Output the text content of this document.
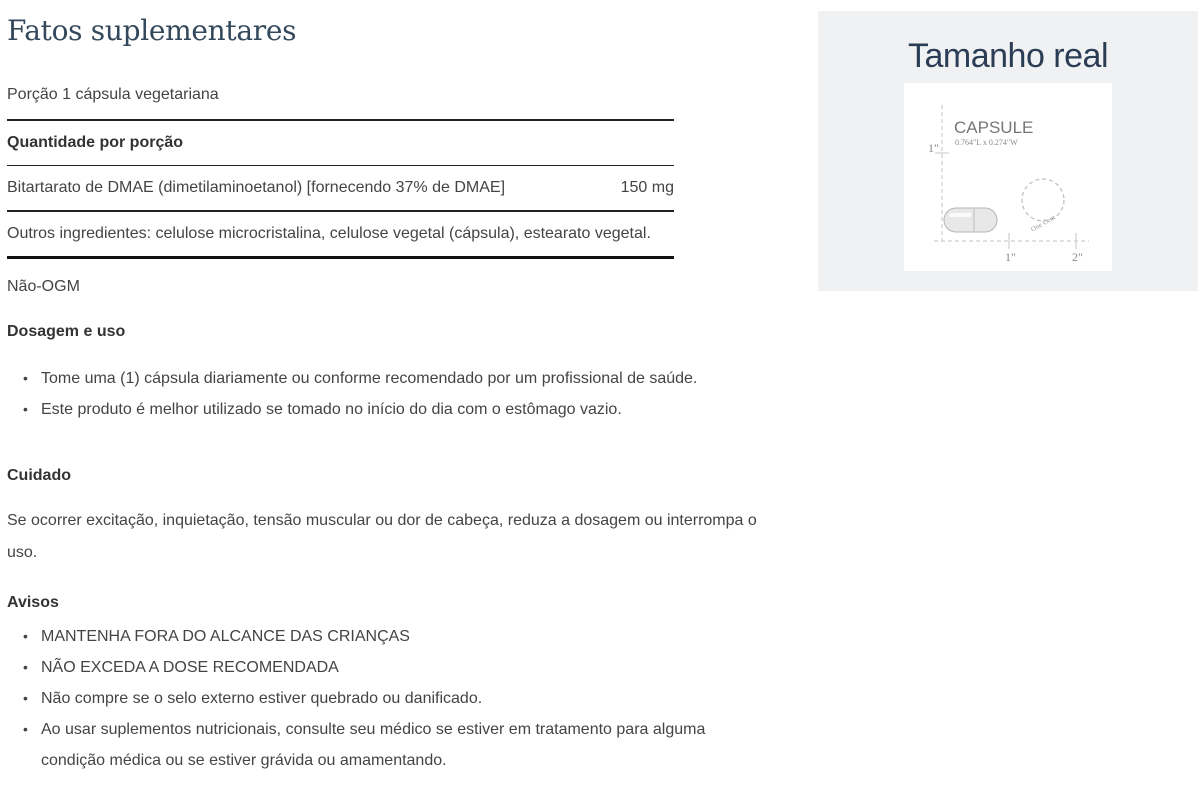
Fatos suplementares
Porção 1 cápsula vegetariana
Quantidade por porção
Bitartarato de DMAE (dimetilaminoetanol) [fornecendo 37% de DMAE]	150 mg
Outros ingredientes: celulose microcristalina, celulose vegetal (cápsula), estearato vegetal.
Não-OGM
Dosagem e uso
• Tome uma (1) cápsula diariamente ou conforme recomendado por um profissional de saúde.
• Este produto é melhor utilizado se tomado no início do dia com o estômago vazio.
Cuidado

Se ocorrer excitação, inquietação, tensão muscular ou dor de cabeça, reduza a dosagem ou interrompa o uso.

Avisos
• MANTENHA FORA DO ALCANCE DAS CRIANÇAS
• NÃO EXCEDA A DOSE RECOMENDADA
• Não compre se o selo externo estiver quebrado ou danificado.
• Ao usar suplementos nutricionais, consulte seu médico se estiver em tratamento para alguma condição médica ou se estiver grávida ou amamentando.
Tamanho real
1"
1"	2"
CAPSULE
0.764"L x 0.274"W
One Cent
